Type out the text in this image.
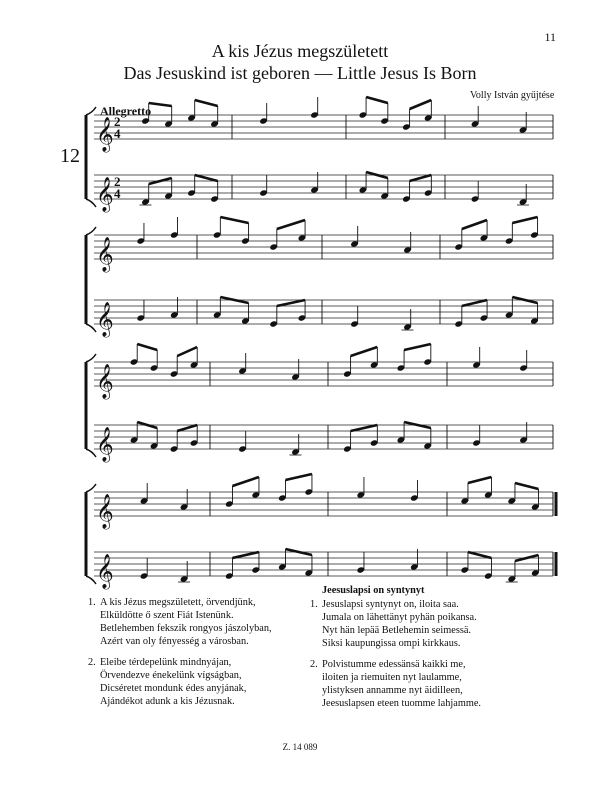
11
A kis Jézus megszületett
Das Jesuskind ist geboren — Little Jesus Is Born
Allegretto
Volly István gyűjtése
12
𝄞 2
4
𝄞 2
4
𝄞
𝄞
𝄞
𝄞
𝄞
𝄞
1. A kis Jézus megszületett, örvendjünk,
Elküldötte ő szent Fiát Istenünk.
Betlehemben fekszik rongyos jászolyban,
Azért van oly fényesség a városban.
2. Eleibe térdepelünk mindnyájan,
Örvendezve énekelünk vígságban,
Dicséretet mondunk édes anyjának,
Ajándékot adunk a kis Jézusnak.
Jeesuslapsi on syntynyt
1. Jesuslapsi syntynyt on, iloita saa.
Jumala on lähettänyt pyhän poikansa.
Nyt hän lepää Betlehemin seimessä.
Siksi kaupungissa ompi kirkkaus.
2. Polvistumme edessänsä kaikki me,
iloiten ja riemuiten nyt laulamme,
ylistyksen annamme nyt äidilleen,
Jeesuslapsen eteen tuomme lahjamme.
Z. 14 089
